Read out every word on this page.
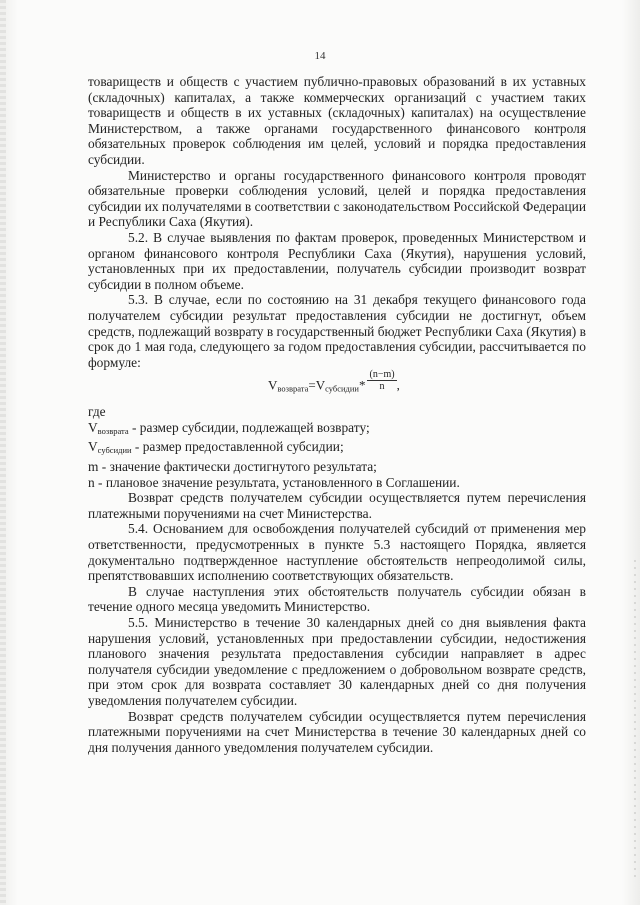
14

товариществ и обществ с участием публично-правовых образований в их уставных (складочных) капиталах, а также коммерческих организаций с участием таких товариществ и обществ в их уставных (складочных) капиталах) на осуществление Министерством, а также органами государственного финансового контроля обязательных проверок соблюдения им целей, условий и порядка предоставления субсидии.

Министерство и органы государственного финансового контроля проводят обязательные проверки соблюдения условий, целей и порядка предоставления субсидии их получателями в соответствии с законодательством Российской Федерации и Республики Саха (Якутия).

5.2. В случае выявления по фактам проверок, проведенных Министерством и органом финансового контроля Республики Саха (Якутия), нарушения условий, установленных при их предоставлении, получатель субсидии производит возврат субсидии в полном объеме.

5.3. В случае, если по состоянию на 31 декабря текущего финансового года получателем субсидии результат предоставления субсидии не достигнут, объем средств, подлежащий возврату в государственный бюджет Республики Саха (Якутия) в срок до 1 мая года, следующего за годом предоставления субсидии, рассчитывается по формуле:

$V_{возврата}=V_{субсидии}* \frac{(n-m)}{n}$ ,

где

$V_{возврата}$ - размер субсидии, подлежащей возврату;

$V_{субсидии}$ - размер предоставленной субсидии;

m - значение фактически достигнутого результата;

n - плановое значение результата, установленного в Соглашении.

Возврат средств получателем субсидии осуществляется путем перечисления платежными поручениями на счет Министерства.

5.4. Основанием для освобождения получателей субсидий от применения мер ответственности, предусмотренных в пункте 5.3 настоящего Порядка, является документально подтвержденное наступление обстоятельств непреодолимой силы, препятствовавших исполнению соответствующих обязательств.

В случае наступления этих обстоятельств получатель субсидии обязан в течение одного месяца уведомить Министерство.

5.5. Министерство в течение 30 календарных дней со дня выявления факта нарушения условий, установленных при предоставлении субсидии, недостижения планового значения результата предоставления субсидии направляет в адрес получателя субсидии уведомление с предложением о добровольном возврате средств, при этом срок для возврата составляет 30 календарных дней со дня получения уведомления получателем субсидии.

Возврат средств получателем субсидии осуществляется путем перечисления платежными поручениями на счет Министерства в течение 30 календарных дней со дня получения данного уведомления получателем субсидии.
